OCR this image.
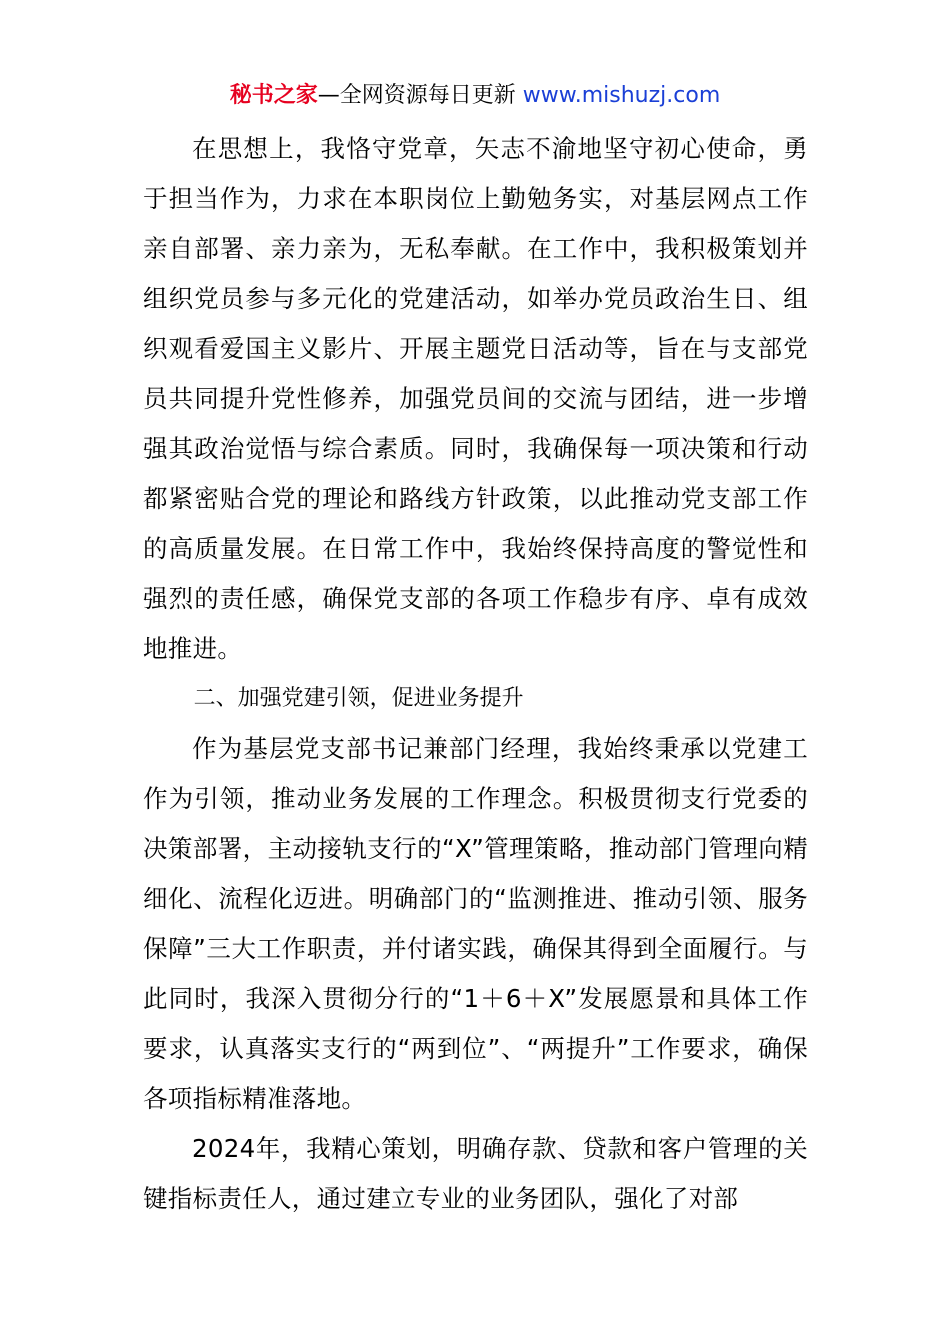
秘书之家—全网资源每日更新 www.mishuzj.com

在思想上，我恪守党章，矢志不渝地坚守初心使命，勇于担当作为，力求在本职岗位上勤勉务实，对基层网点工作亲自部署、亲力亲为，无私奉献。在工作中，我积极策划并组织党员参与多元化的党建活动，如举办党员政治生日、组织观看爱国主义影片、开展主题党日活动等，旨在与支部党员共同提升党性修养，加强党员间的交流与团结，进一步增强其政治觉悟与综合素质。同时，我确保每一项决策和行动都紧密贴合党的理论和路线方针政策，以此推动党支部工作的高质量发展。在日常工作中，我始终保持高度的警觉性和强烈的责任感，确保党支部的各项工作稳步有序、卓有成效地推进。

二、加强党建引领，促进业务提升

作为基层党支部书记兼部门经理，我始终秉承以党建工作为引领，推动业务发展的工作理念。积极贯彻支行党委的决策部署，主动接轨支行的“X”管理策略，推动部门管理向精细化、流程化迈进。明确部门的“监测推进、推动引领、服务保障”三大工作职责，并付诸实践，确保其得到全面履行。与此同时，我深入贯彻分行的“1＋6＋X”发展愿景和具体工作要求，认真落实支行的“两到位”、“两提升”工作要求，确保各项指标精准落地。

2024年，我精心策划，明确存款、贷款和客户管理的关键指标责任人，通过建立专业的业务团队，强化了对部
